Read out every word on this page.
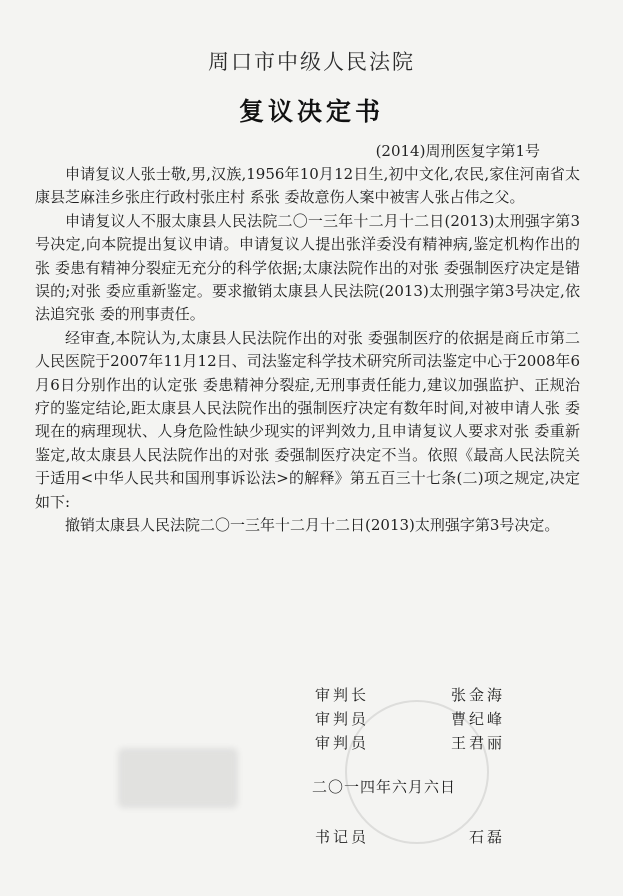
周口市中级人民法院
复议决定书
(2014)周刑医复字第1号

申请复议人张士敬,男,汉族,1956年10月12日生,初中文化,农民,家住河南省太康县芝麻洼乡张庄行政村张庄村 系张 委故意伤人案中被害人张占伟之父。

申请复议人不服太康县人民法院二〇一三年十二月十二日(2013)太刑强字第3号决定,向本院提出复议申请。申请复议人提出张洋委没有精神病,鉴定机构作出的张 委患有精神分裂症无充分的科学依据;太康法院作出的对张 委强制医疗决定是错误的;对张 委应重新鉴定。要求撤销太康县人民法院(2013)太刑强字第3号决定,依法追究张 委的刑事责任。

经审查,本院认为,太康县人民法院作出的对张 委强制医疗的依据是商丘市第二人民医院于2007年11月12日、司法鉴定科学技术研究所司法鉴定中心于2008年6月6日分别作出的认定张 委患精神分裂症,无刑事责任能力,建议加强监护、正规治疗的鉴定结论,距太康县人民法院作出的强制医疗决定有数年时间,对被申请人张 委现在的病理现状、人身危险性缺少现实的评判效力,且申请复议人要求对张 委重新鉴定,故太康县人民法院作出的对张 委强制医疗决定不当。依照《最高人民法院关于适用<中华人民共和国刑事诉讼法>的解释》第五百三十七条(二)项之规定,决定如下:

撤销太康县人民法院二〇一三年十二月十二日(2013)太刑强字第3号决定。

审判长	张金海
审判员	曹纪峰
审判员	王君丽
二〇一四年六月六日
书记员	石磊
